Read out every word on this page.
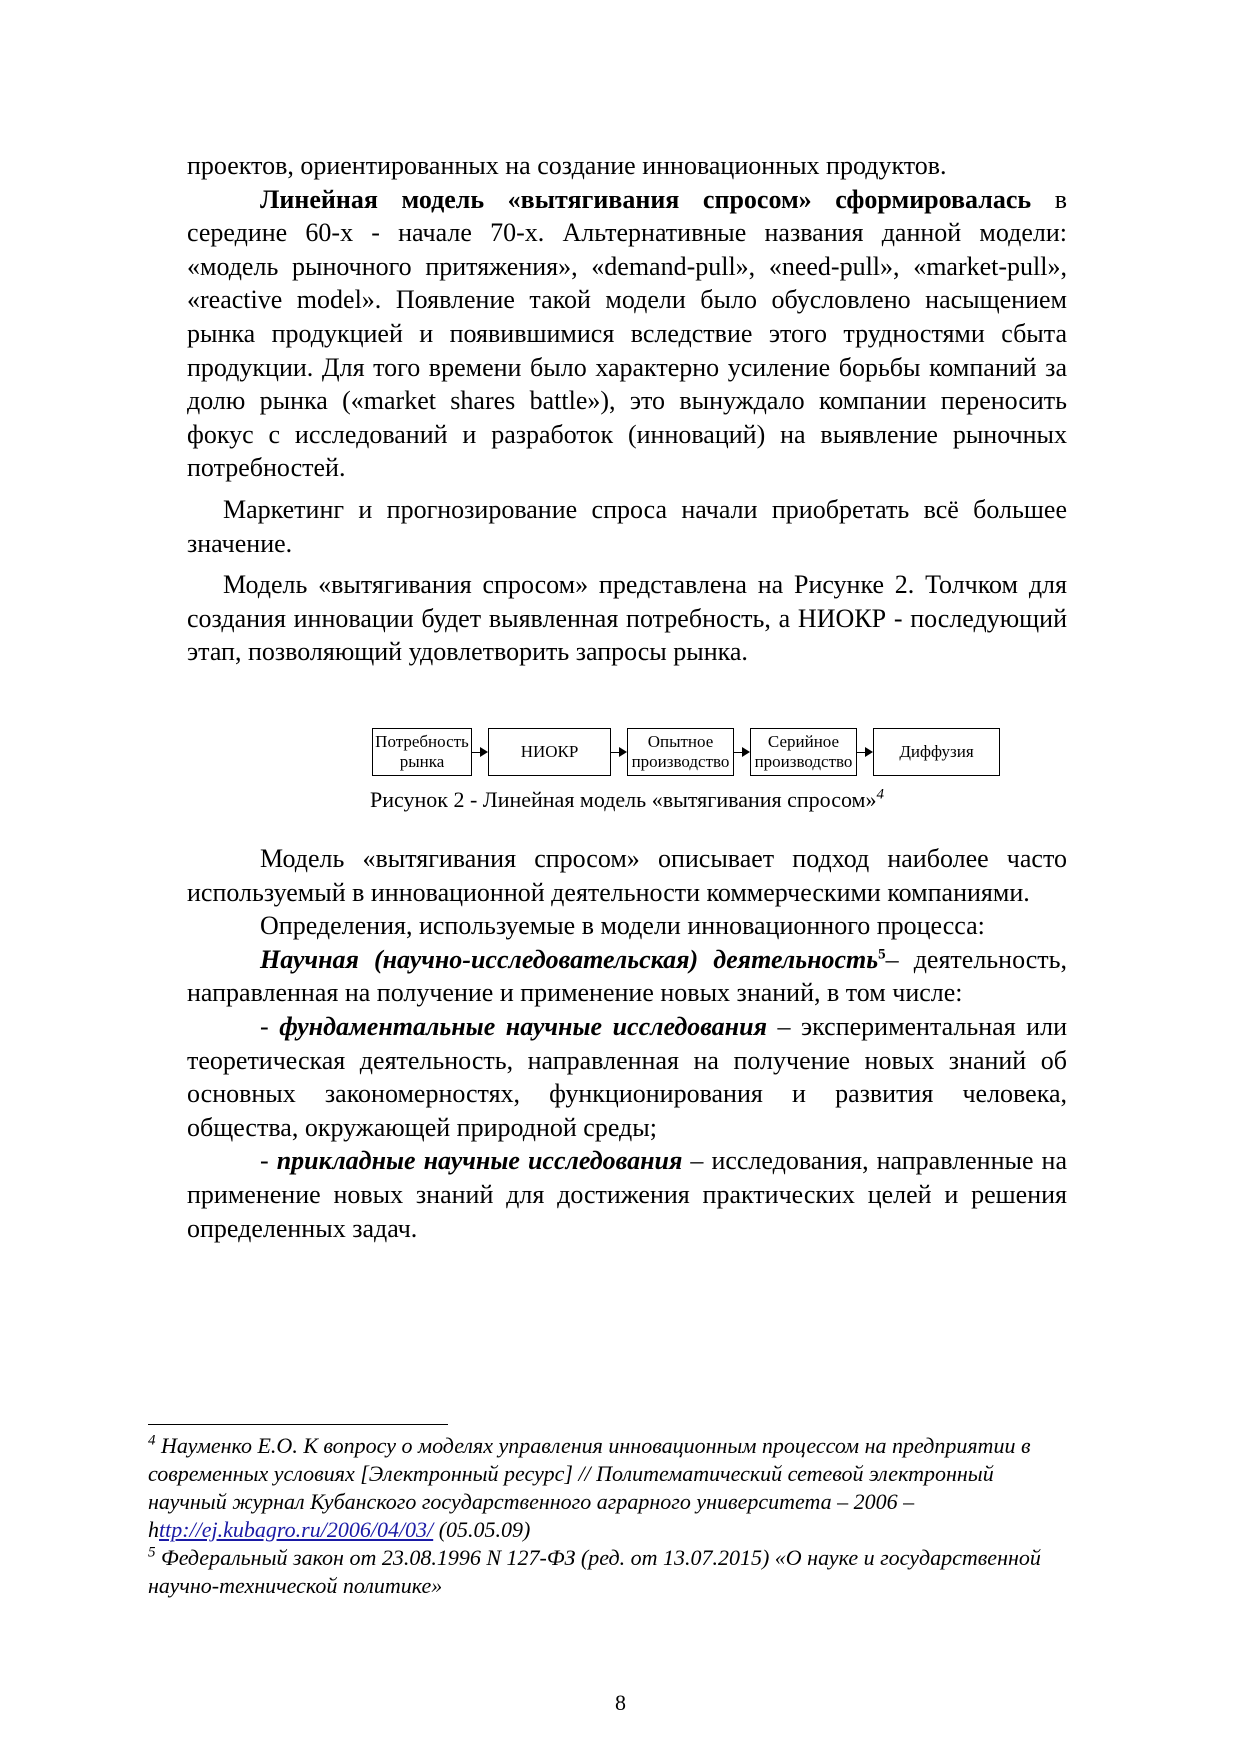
проектов, ориентированных на создание инновационных продуктов.

Линейная модель «вытягивания спросом» сформировалась в середине 60-х - начале 70-х. Альтернативные названия данной модели: «модель рыночного притяжения», «demand-pull», «need-pull», «market-pull», «reactive model». Появление такой модели было обусловлено насыщением рынка продукцией и появившимися вследствие этого трудностями сбыта продукции. Для того времени было характерно усиление борьбы компаний за долю рынка («market shares battle»), это вынуждало компании переносить фокус с исследований и разработок (инноваций) на выявление рыночных потребностей.

Маркетинг и прогнозирование спроса начали приобретать всё большее значение.

Модель «вытягивания спросом» представлена на Рисунке 2. Толчком для создания инновации будет выявленная потребность, а НИОКР - последующий этап, позволяющий удовлетворить запросы рынка.

Потребность
рынка
НИОКР
Опытное
производство
Серийное
производство
Диффузия
Рисунок 2 - Линейная модель «вытягивания спросом»$^4$

Модель «вытягивания спросом» описывает подход наиболее часто используемый в инновационной деятельности коммерческими компаниями.

Определения, используемые в модели инновационного процесса:

Научная (научно-исследовательская) деятельность$^5$– деятельность, направленная на получение и применение новых знаний, в том числе:

- фундаментальные научные исследования – экспериментальная или теоретическая деятельность, направленная на получение новых знаний об основных закономерностях, функционирования и развития человека, общества, окружающей природной среды;

- прикладные научные исследования – исследования, направленные на применение новых знаний для достижения практических целей и решения определенных задач.

$^4$ Науменко Е.О. К вопросу о моделях управления инновационным процессом на предприятии в современных условиях [Электронный ресурс] // Политематический сетевой электронный научный журнал Кубанского государственного аграрного университета – 2006 – http://ej.kubagro.ru/2006/04/03/ (05.05.09)

$^5$ Федеральный закон от 23.08.1996 N 127-ФЗ (ред. от 13.07.2015) «О науке и государственной научно-технической политике»

8
